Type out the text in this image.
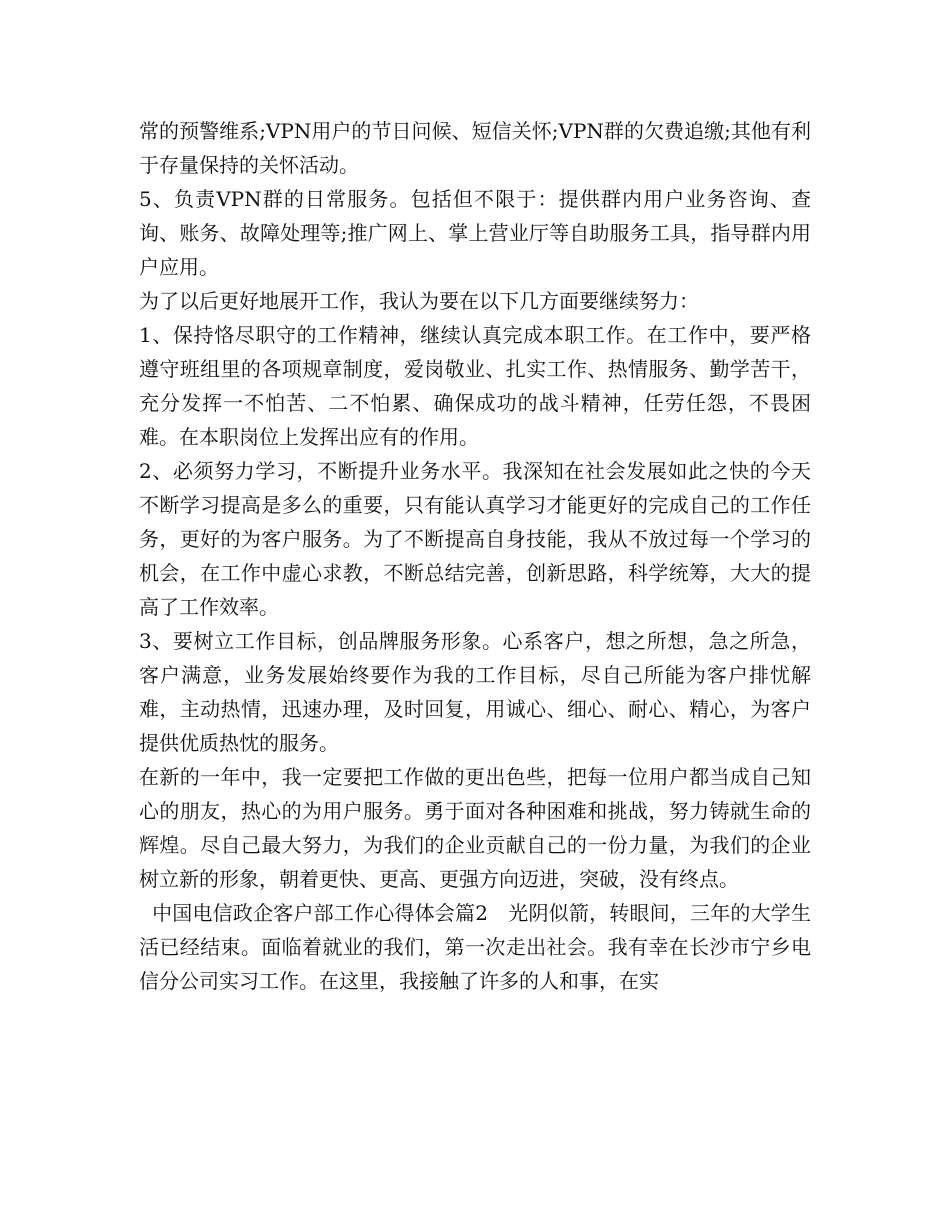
常的预警维系;VPN用户的节日问候、短信关怀;VPN群的欠费追缴;其他有利于存量保持的关怀活动。

5、负责VPN群的日常服务。包括但不限于：提供群内用户业务咨询、查询、账务、故障处理等;推广网上、掌上营业厅等自助服务工具，指导群内用户应用。

为了以后更好地展开工作，我认为要在以下几方面要继续努力：

1、保持恪尽职守的工作精神，继续认真完成本职工作。在工作中，要严格遵守班组里的各项规章制度，爱岗敬业、扎实工作、热情服务、勤学苦干，充分发挥一不怕苦、二不怕累、确保成功的战斗精神，任劳任怨，不畏困难。在本职岗位上发挥出应有的作用。

2、必须努力学习，不断提升业务水平。我深知在社会发展如此之快的今天不断学习提高是多么的重要，只有能认真学习才能更好的完成自己的工作任务，更好的为客户服务。为了不断提高自身技能，我从不放过每一个学习的机会，在工作中虚心求教，不断总结完善，创新思路，科学统筹，大大的提高了工作效率。

3、要树立工作目标，创品牌服务形象。心系客户，想之所想，急之所急，客户满意，业务发展始终要作为我的工作目标，尽自己所能为客户排忧解难，主动热情，迅速办理，及时回复，用诚心、细心、耐心、精心，为客户提供优质热忱的服务。

在新的一年中，我一定要把工作做的更出色些，把每一位用户都当成自己知心的朋友，热心的为用户服务。勇于面对各种困难和挑战，努力铸就生命的辉煌。尽自己最大努力，为我们的企业贡献自己的一份力量，为我们的企业树立新的形象，朝着更快、更高、更强方向迈进，突破，没有终点。

中国电信政企客户部工作心得体会篇2　光阴似箭，转眼间，三年的大学生活已经结束。面临着就业的我们，第一次走出社会。我有幸在长沙市宁乡电信分公司实习工作。在这里，我接触了许多的人和事，在实
